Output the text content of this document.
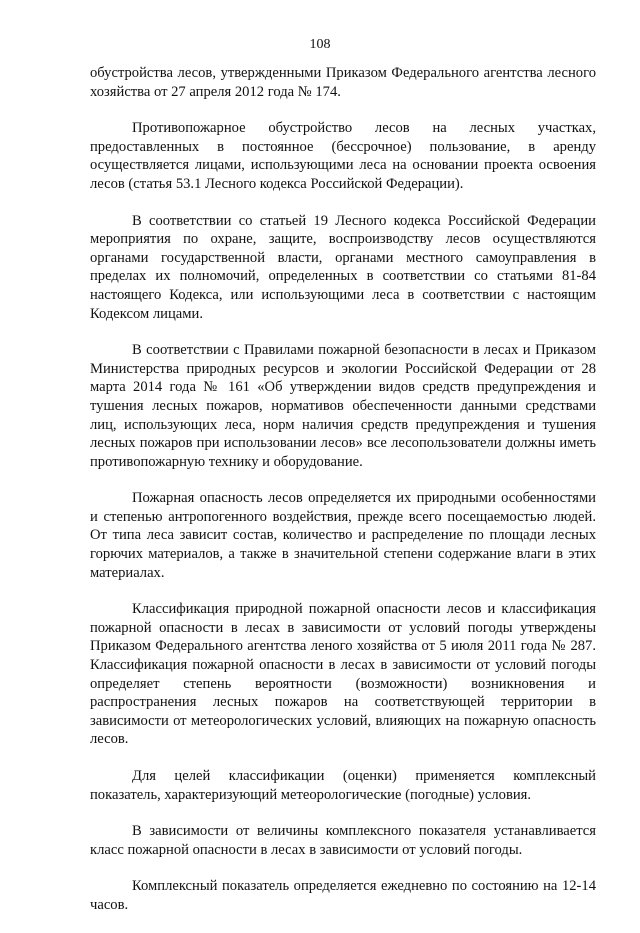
108

обустройства лесов, утвержденными Приказом Федерального агентства лесного хозяйства от 27 апреля 2012 года № 174.

Противопожарное обустройство лесов на лесных участках, предоставленных в постоянное (бессрочное) пользование, в аренду осуществляется лицами, использующими леса на основании проекта освоения лесов (статья 53.1 Лесного кодекса Российской Федерации).

В соответствии со статьей 19 Лесного кодекса Российской Федерации мероприятия по охране, защите, воспроизводству лесов осуществляются органами государственной власти, органами местного самоуправления в пределах их полномочий, определенных в соответствии со статьями 81-84 настоящего Кодекса, или использующими леса в соответствии с настоящим Кодексом лицами.

В соответствии с Правилами пожарной безопасности в лесах и Приказом Министерства природных ресурсов и экологии Российской Федерации от 28 марта 2014 года № 161 «Об утверждении видов средств предупреждения и тушения лесных пожаров, нормативов обеспеченности данными средствами лиц, использующих леса, норм наличия средств предупреждения и тушения лесных пожаров при использовании лесов» все лесопользователи должны иметь противопожарную технику и оборудование.

Пожарная опасность лесов определяется их природными особенностями и степенью антропогенного воздействия, прежде всего посещаемостью людей. От типа леса зависит состав, количество и распределение по площади лесных горючих материалов, а также в значительной степени содержание влаги в этих материалах.

Классификация природной пожарной опасности лесов и классификация пожарной опасности в лесах в зависимости от условий погоды утверждены Приказом Федерального агентства леного хозяйства от 5 июля 2011 года № 287. Классификация пожарной опасности в лесах в зависимости от условий погоды определяет степень вероятности (возможности) возникновения и распространения лесных пожаров на соответствующей территории в зависимости от метеорологических условий, влияющих на пожарную опасность лесов.

Для целей классификации (оценки) применяется комплексный показатель, характеризующий метеорологические (погодные) условия.

В зависимости от величины комплексного показателя устанавливается класс пожарной опасности в лесах в зависимости от условий погоды.

Комплексный показатель определяется ежедневно по состоянию на 12-14 часов.
